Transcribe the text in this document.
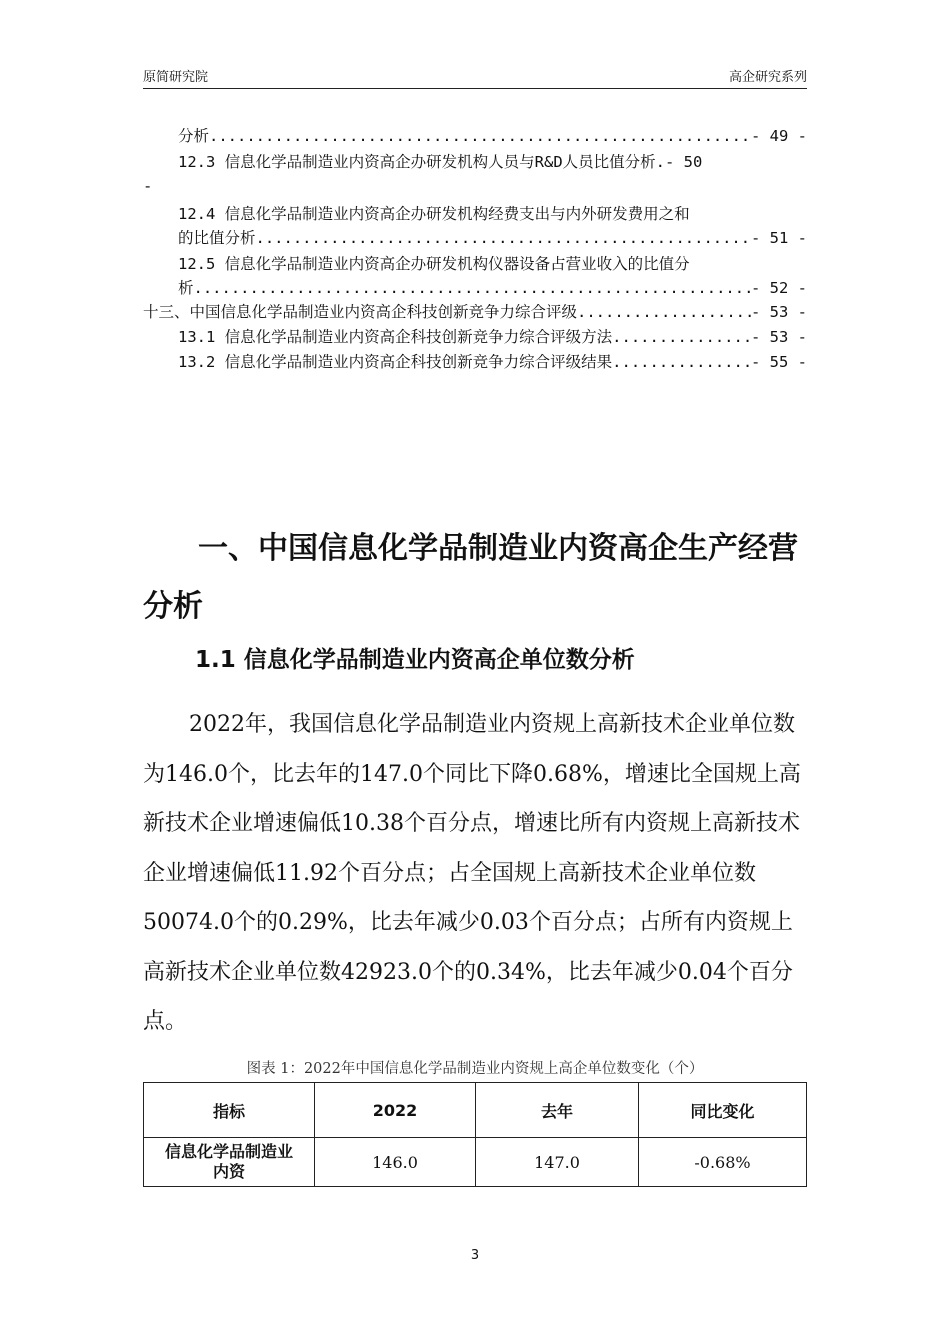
原简研究院	高企研究系列
分析 .....	- 49 -
12.3 信息化学品制造业内资高企办研发机构人员与R&D人员比值分析.- 50
-
12.4 信息化学品制造业内资高企办研发机构经费支出与内外研发费用之和
的比值分析 .....	- 51 -
12.5 信息化学品制造业内资高企办研发机构仪器设备占营业收入的比值分
析 .....	- 52 -
十三、中国信息化学品制造业内资高企科技创新竞争力综合评级 .....	- 53 -
13.1 信息化学品制造业内资高企科技创新竞争力综合评级方法 .....	- 53 -
13.2 信息化学品制造业内资高企科技创新竞争力综合评级结果 .....	- 55 -
一、中国信息化学品制造业内资高企生产经营分析
1.1 信息化学品制造业内资高企单位数分析
2022年，我国信息化学品制造业内资规上高新技术企业单位数为146.0个，比去年的147.0个同比下降0.68%，增速比全国规上高新技术企业增速偏低10.38个百分点，增速比所有内资规上高新技术企业增速偏低11.92个百分点；占全国规上高新技术企业单位数50074.0个的0.29%，比去年减少0.03个百分点；占所有内资规上高新技术企业单位数42923.0个的0.34%，比去年减少0.04个百分点。
图表 1：2022年中国信息化学品制造业内资规上高企单位数变化（个）
指标	2022	去年	同比变化
信息化学品制造业内资	146.0	147.0	-0.68%
3
